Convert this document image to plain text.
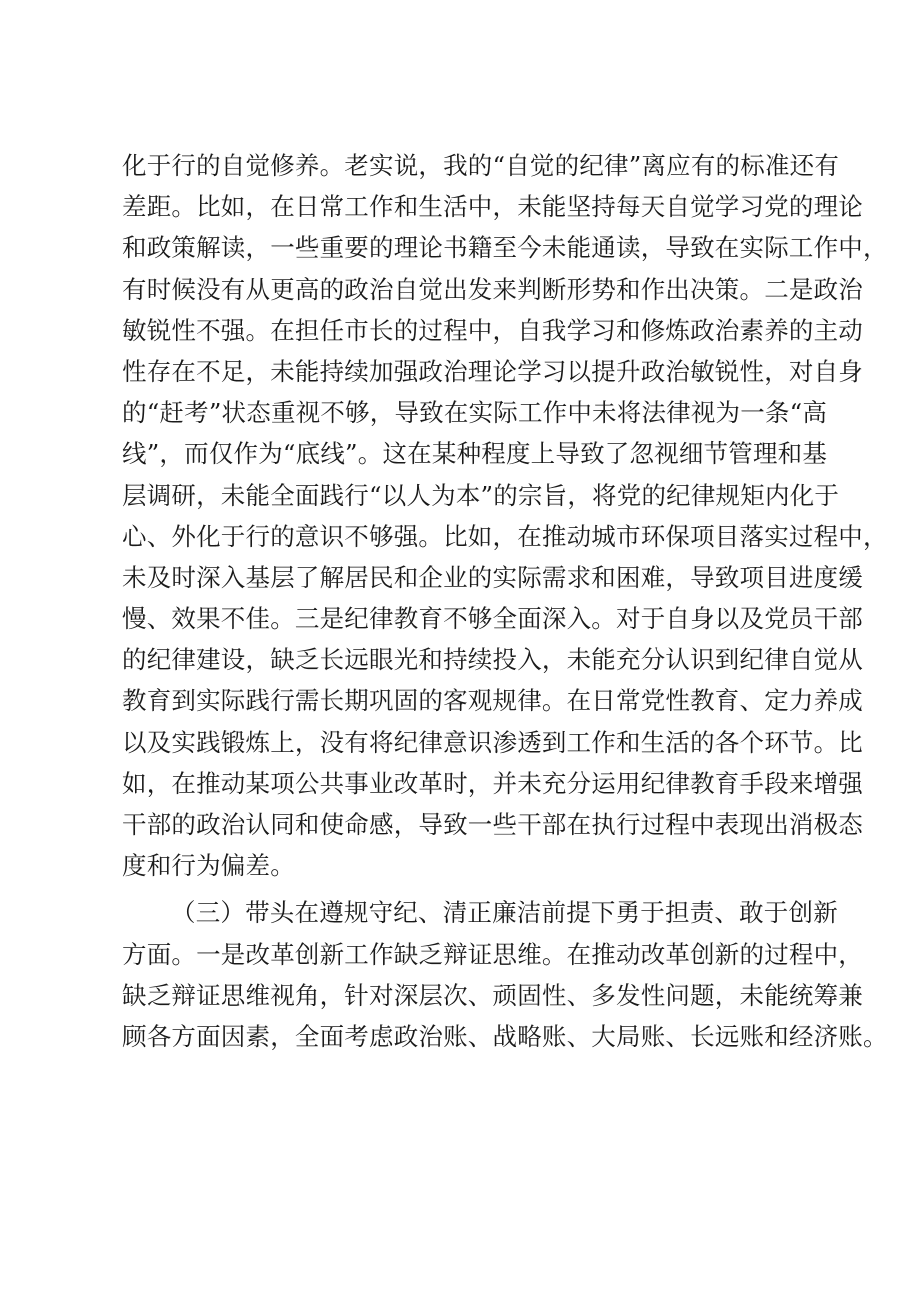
化于行的自觉修养。老实说，我的“自觉的纪律”离应有的标准还有
差距。比如，在日常工作和生活中，未能坚持每天自觉学习党的理论
和政策解读，一些重要的理论书籍至今未能通读，导致在实际工作中，
有时候没有从更高的政治自觉出发来判断形势和作出决策。二是政治
敏锐性不强。在担任市长的过程中，自我学习和修炼政治素养的主动
性存在不足，未能持续加强政治理论学习以提升政治敏锐性，对自身
的“赶考”状态重视不够，导致在实际工作中未将法律视为一条“高
线”，而仅作为“底线”。这在某种程度上导致了忽视细节管理和基
层调研，未能全面践行“以人为本”的宗旨，将党的纪律规矩内化于
心、外化于行的意识不够强。比如，在推动城市环保项目落实过程中，
未及时深入基层了解居民和企业的实际需求和困难，导致项目进度缓
慢、效果不佳。三是纪律教育不够全面深入。对于自身以及党员干部
的纪律建设，缺乏长远眼光和持续投入，未能充分认识到纪律自觉从
教育到实际践行需长期巩固的客观规律。在日常党性教育、定力养成
以及实践锻炼上，没有将纪律意识渗透到工作和生活的各个环节。比
如，在推动某项公共事业改革时，并未充分运用纪律教育手段来增强
干部的政治认同和使命感，导致一些干部在执行过程中表现出消极态
度和行为偏差。
（三）带头在遵规守纪、清正廉洁前提下勇于担责、敢于创新
方面。一是改革创新工作缺乏辩证思维。在推动改革创新的过程中，
缺乏辩证思维视角，针对深层次、顽固性、多发性问题，未能统筹兼
顾各方面因素，全面考虑政治账、战略账、大局账、长远账和经济账。
